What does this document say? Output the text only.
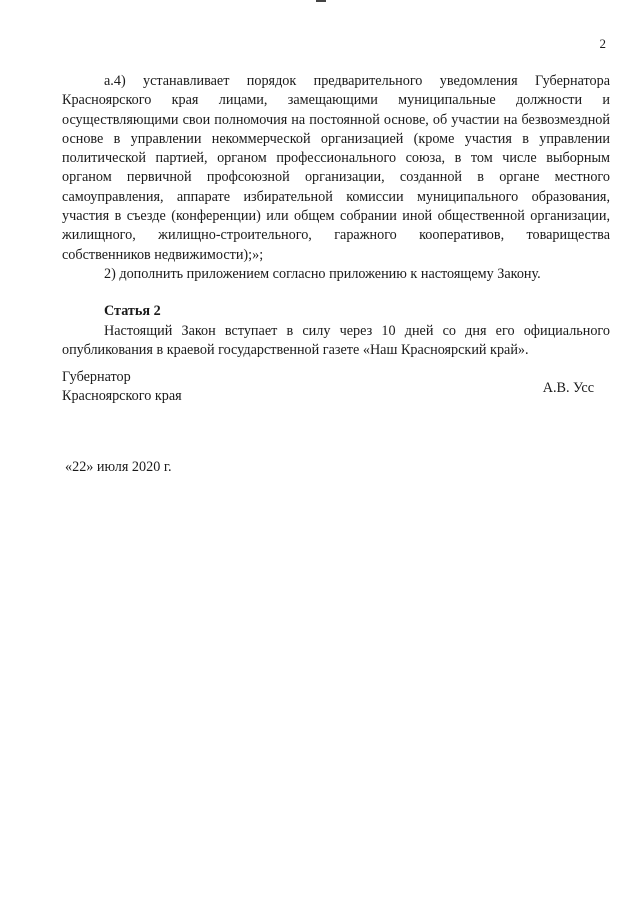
2

а.4) устанавливает порядок предварительного уведомления Губернатора Красноярского края лицами, замещающими муниципальные должности и осуществляющими свои полномочия на постоянной основе, об участии на безвозмездной основе в управлении некоммерческой организацией (кроме участия в управлении политической партией, органом профессионального союза, в том числе выборным органом первичной профсоюзной организации, созданной в органе местного самоуправления, аппарате избирательной комиссии муниципального образования, участия в съезде (конференции) или общем собрании иной общественной организации, жилищного, жилищно-строительного, гаражного кооперативов, товарищества собственников недвижимости);»;

2) дополнить приложением согласно приложению к настоящему Закону.

Статья 2

Настоящий Закон вступает в силу через 10 дней со дня его официального опубликования в краевой государственной газете «Наш Красноярский край».

Губернатор

Красноярского края	А.В. Усс
«22» июля 2020 г.
